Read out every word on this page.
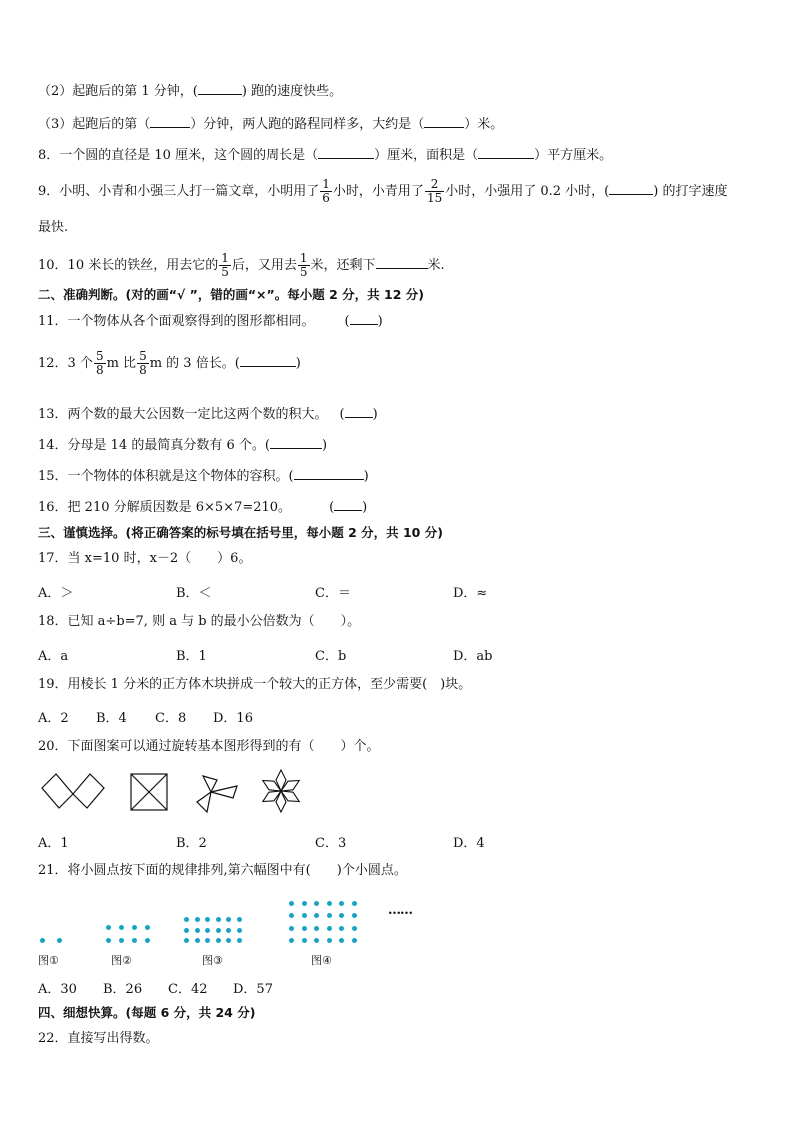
（2）起跑后的第 1 分钟，(	) 跑的速度快些。
（3）起跑后的第（	）分钟，两人跑的路程同样多，大约是（	）米。
8．一个圆的直径是 10 厘米，这个圆的周长是（	）厘米，面积是（	）平方厘米。
9．小明、小青和小强三人打一篇文章，小明用了 $\frac{1}{6}$ 小时，小青用了 $\frac{2}{15}$ 小时，小强用了 0.2 小时，(	) 的打字速度
最快.
10．10 米长的铁丝，用去它的 $\frac{1}{5}$ 后，又用去 $\frac{1}{5}$ 米，还剩下	米.
二、准确判断。(对的画“√ ”，错的画“×”。每小题 2 分，共 12 分)
11．一个物体从各个面观察得到的图形都相同。 ( )
12．3 个 $\frac{5}{8}$ m 比 $\frac{5}{8}$ m 的 3 倍长。(	)
13．两个数的最大公因数一定比这两个数的积大。 ( )
14．分母是 14 的最简真分数有 6 个。(	)
15．一个物体的体积就是这个物体的容积。(	)
16．把 210 分解质因数是 6×5×7=210。	( )
三、谨慎选择。(将正确答案的标号填在括号里，每小题 2 分，共 10 分)
17．当 x=10 时，x－2（　　）6。
A．＞	B．＜	C．＝	D．≈
18．已知 a÷b=7, 则 a 与 b 的最小公倍数为（　　）。
A．a	B．1	C．b	D．ab
19．用棱长 1 分米的正方体木块拼成一个较大的正方体，至少需要(　)块。
A．2 B．4 C．8 D．16
20．下面图案可以通过旋转基本图形得到的有（　　）个。
A．1	B．2	C．3	D．4
21．将小圆点按下面的规律排列,第六幅图中有(　　)个小圆点。
……
图①	图②	图③	图④
A．30 B．26 C．42 D．57
四、细想快算。(每题 6 分，共 24 分)
22．直接写出得数。
